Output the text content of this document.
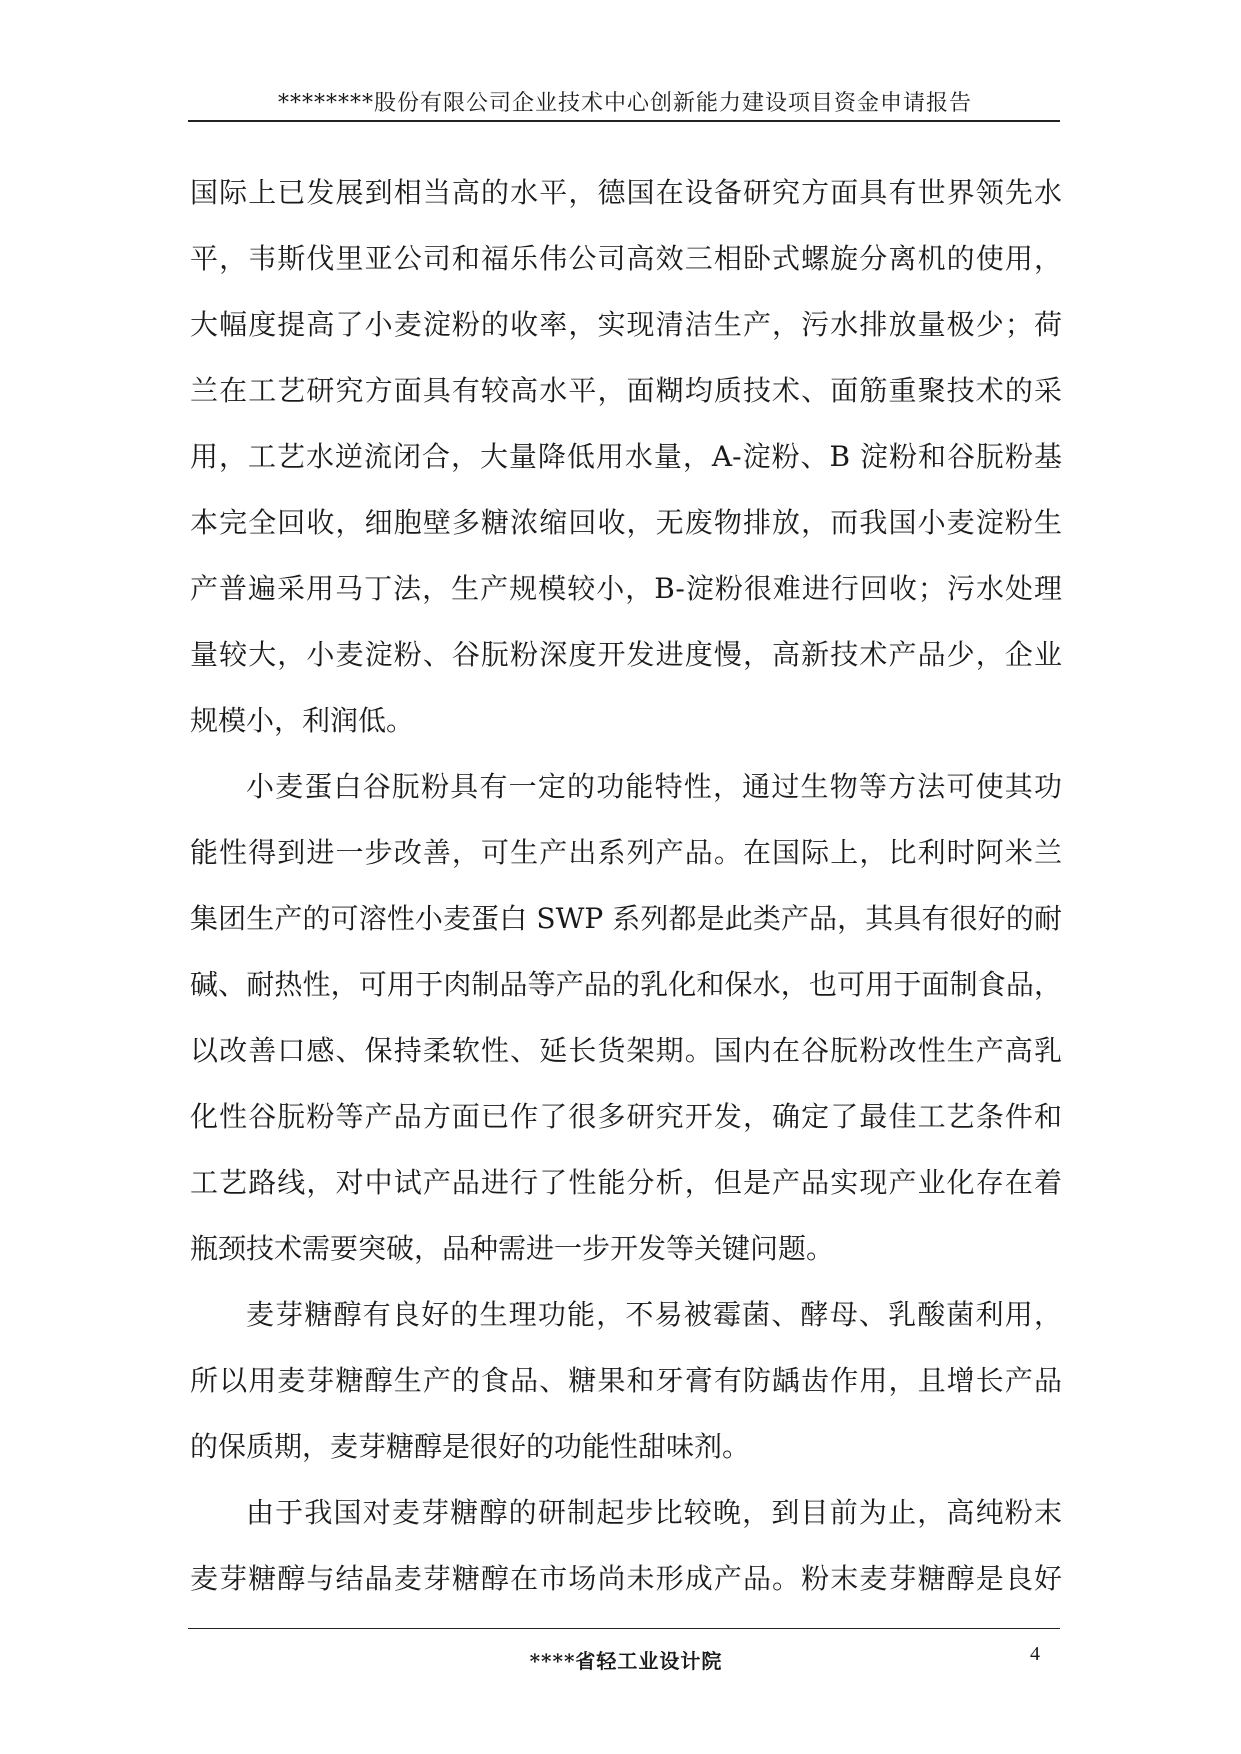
********股份有限公司企业技术中心创新能力建设项目资金申请报告
国际上已发展到相当高的水平，德国在设备研究方面具有世界领先水
平，韦斯伐里亚公司和福乐伟公司高效三相卧式螺旋分离机的使用，
大幅度提高了小麦淀粉的收率，实现清洁生产，污水排放量极少；荷
兰在工艺研究方面具有较高水平，面糊均质技术、面筋重聚技术的采
用，工艺水逆流闭合，大量降低用水量，A-淀粉、B 淀粉和谷朊粉基
本完全回收，细胞壁多糖浓缩回收，无废物排放，而我国小麦淀粉生
产普遍采用马丁法，生产规模较小，B-淀粉很难进行回收；污水处理
量较大，小麦淀粉、谷朊粉深度开发进度慢，高新技术产品少，企业
规模小，利润低。
小麦蛋白谷朊粉具有一定的功能特性，通过生物等方法可使其功
能性得到进一步改善，可生产出系列产品。在国际上，比利时阿米兰
集团生产的可溶性小麦蛋白 SWP 系列都是此类产品，其具有很好的耐
碱、耐热性，可用于肉制品等产品的乳化和保水，也可用于面制食品，
以改善口感、保持柔软性、延长货架期。国内在谷朊粉改性生产高乳
化性谷朊粉等产品方面已作了很多研究开发，确定了最佳工艺条件和
工艺路线，对中试产品进行了性能分析，但是产品实现产业化存在着
瓶颈技术需要突破，品种需进一步开发等关键问题。
麦芽糖醇有良好的生理功能，不易被霉菌、酵母、乳酸菌利用，
所以用麦芽糖醇生产的食品、糖果和牙膏有防龋齿作用，且增长产品
的保质期，麦芽糖醇是很好的功能性甜味剂。
由于我国对麦芽糖醇的研制起步比较晚，到目前为止，高纯粉末
麦芽糖醇与结晶麦芽糖醇在市场尚未形成产品。粉末麦芽糖醇是良好
****省轻工业设计院	4
